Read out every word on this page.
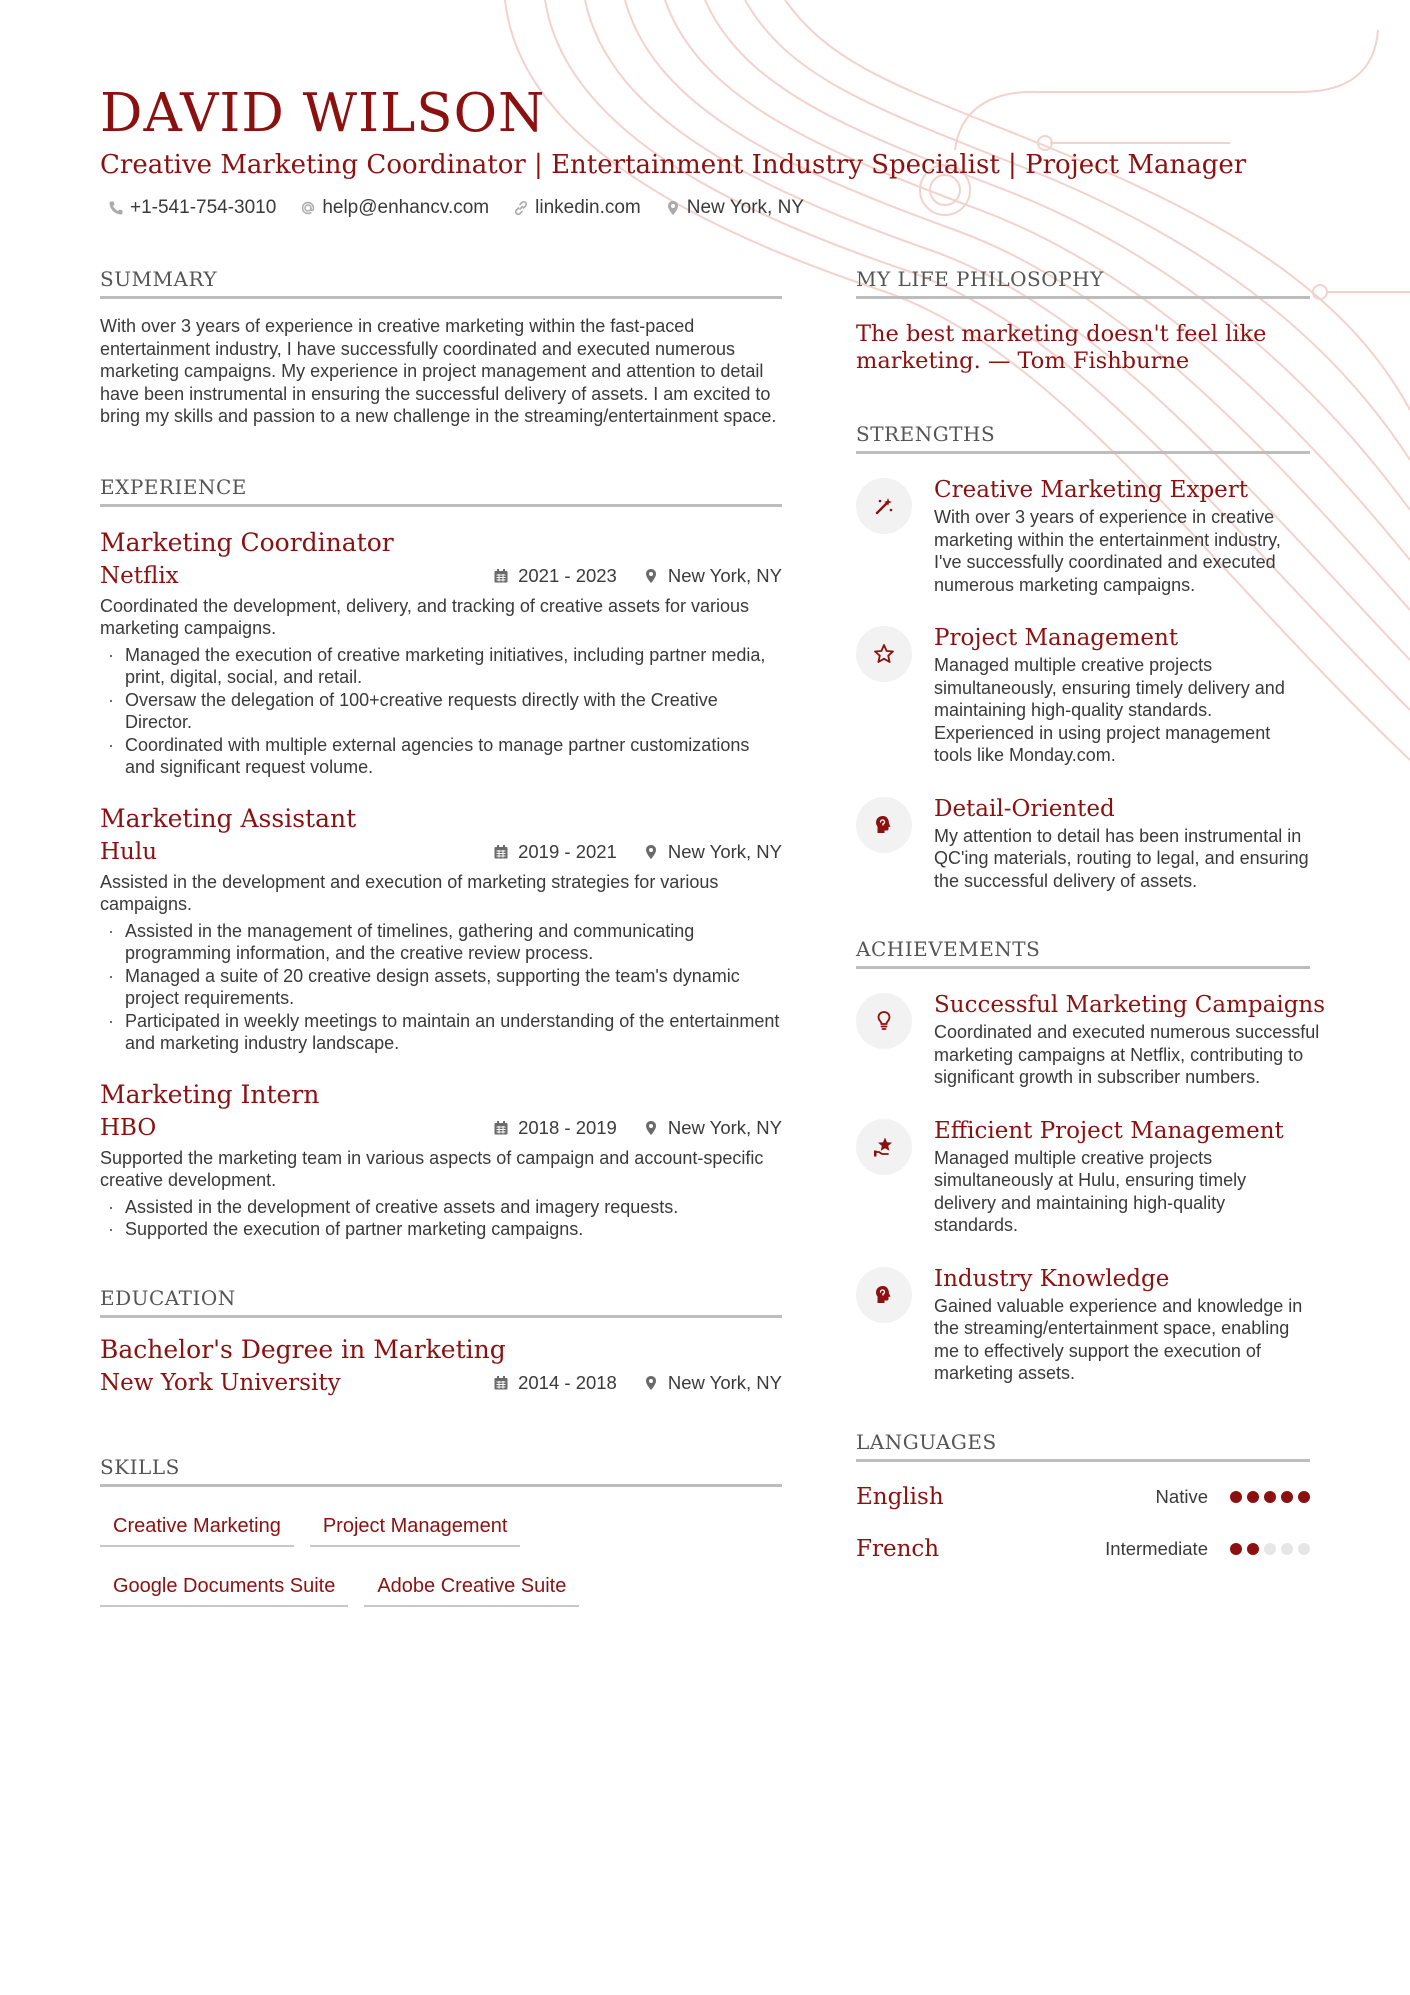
DAVID WILSON
Creative Marketing Coordinator | Entertainment Industry Specialist | Project Manager
+1-541-754-3010 help@enhancv.com linkedin.com New York, NY
SUMMARY

With over 3 years of experience in creative marketing within the fast-paced entertainment industry, I have successfully coordinated and executed numerous marketing campaigns. My experience in project management and attention to detail have been instrumental in ensuring the successful delivery of assets. I am excited to bring my skills and passion to a new challenge in the streaming/entertainment space.

EXPERIENCE
Marketing Coordinator
Netflix	2021 - 2023	New York, NY

Coordinated the development, delivery, and tracking of creative assets for various marketing campaigns.

· Managed the execution of creative marketing initiatives, including partner media, print, digital, social, and retail.
· Oversaw the delegation of 100+creative requests directly with the Creative Director.
· Coordinated with multiple external agencies to manage partner customizations and significant request volume.
Marketing Assistant
Hulu	2019 - 2021	New York, NY

Assisted in the development and execution of marketing strategies for various campaigns.

· Assisted in the management of timelines, gathering and communicating programming information, and the creative review process.
· Managed a suite of 20 creative design assets, supporting the team's dynamic project requirements.
· Participated in weekly meetings to maintain an understanding of the entertainment and marketing industry landscape.
Marketing Intern
HBO	2018 - 2019	New York, NY

Supported the marketing team in various aspects of campaign and account-specific creative development.

· Assisted in the development of creative assets and imagery requests.
· Supported the execution of partner marketing campaigns.
EDUCATION
Bachelor's Degree in Marketing
New York University	2014 - 2018	New York, NY
SKILLS
Creative Marketing	Project Management
Google Documents Suite	Adobe Creative Suite
MY LIFE PHILOSOPHY

The best marketing doesn't feel like marketing. — Tom Fishburne

STRENGTHS
Creative Marketing Expert

With over 3 years of experience in creative marketing within the entertainment industry, I've successfully coordinated and executed numerous marketing campaigns.

Project Management

Managed multiple creative projects simultaneously, ensuring timely delivery and maintaining high-quality standards. Experienced in using project management tools like Monday.com.

Detail-Oriented

My attention to detail has been instrumental in QC'ing materials, routing to legal, and ensuring the successful delivery of assets.

ACHIEVEMENTS
Successful Marketing Campaigns

Coordinated and executed numerous successful marketing campaigns at Netflix, contributing to significant growth in subscriber numbers.

Efficient Project Management

Managed multiple creative projects simultaneously at Hulu, ensuring timely delivery and maintaining high-quality standards.

Industry Knowledge

Gained valuable experience and knowledge in the streaming/entertainment space, enabling me to effectively support the execution of marketing assets.

LANGUAGES
English	Native
French	Intermediate
